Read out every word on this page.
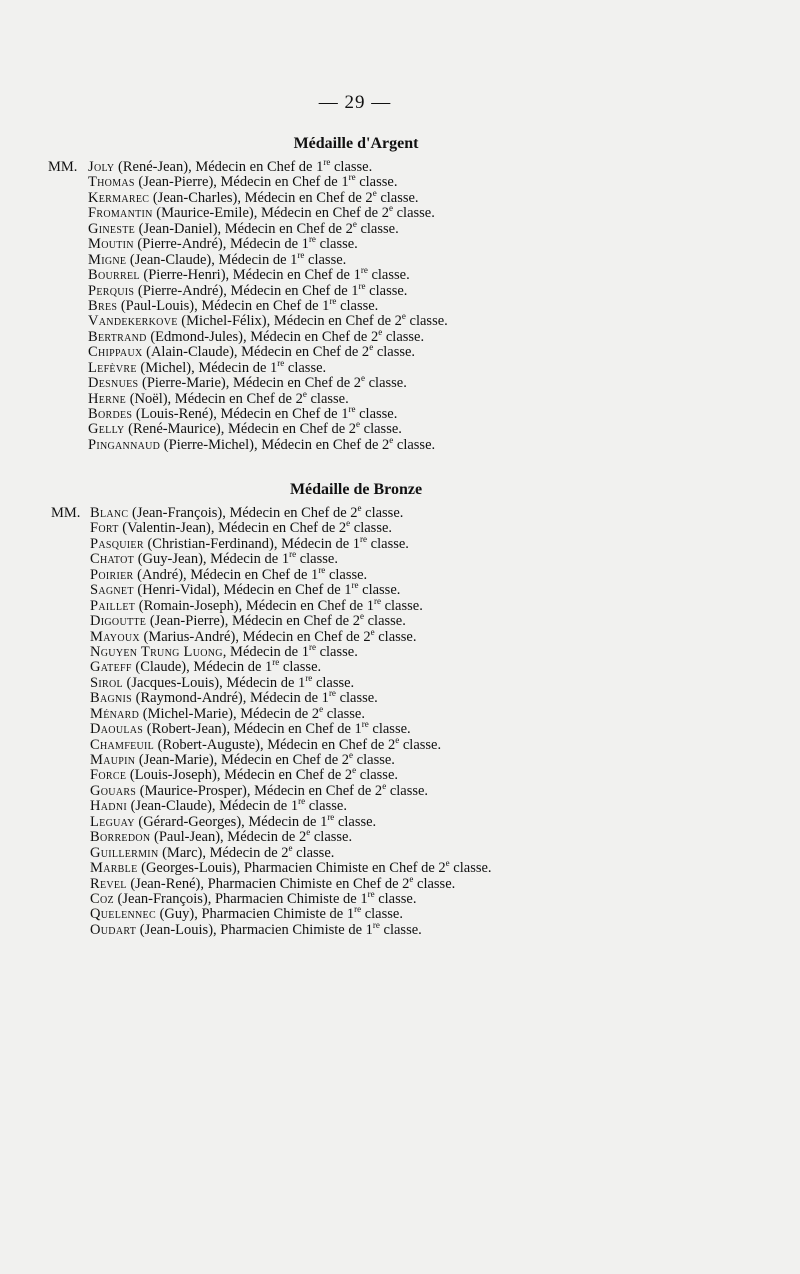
— 29 —
Médaille d'Argent
MM. Joly (René-Jean), Médecin en Chef de 1re classe.
Thomas (Jean-Pierre), Médecin en Chef de 1re classe.
Kermarec (Jean-Charles), Médecin en Chef de 2e classe.
Fromantin (Maurice-Emile), Médecin en Chef de 2e classe.
Gineste (Jean-Daniel), Médecin en Chef de 2e classe.
Moutin (Pierre-André), Médecin de 1re classe.
Migne (Jean-Claude), Médecin de 1re classe.
Bourrel (Pierre-Henri), Médecin en Chef de 1re classe.
Perquis (Pierre-André), Médecin en Chef de 1re classe.
Bres (Paul-Louis), Médecin en Chef de 1re classe.
Vandekerkove (Michel-Félix), Médecin en Chef de 2e classe.
Bertrand (Edmond-Jules), Médecin en Chef de 2e classe.
Chippaux (Alain-Claude), Médecin en Chef de 2e classe.
Lefèvre (Michel), Médecin de 1re classe.
Desnues (Pierre-Marie), Médecin en Chef de 2e classe.
Herne (Noël), Médecin en Chef de 2e classe.
Bordes (Louis-René), Médecin en Chef de 1re classe.
Gelly (René-Maurice), Médecin en Chef de 2e classe.
Pingannaud (Pierre-Michel), Médecin en Chef de 2e classe.
Médaille de Bronze
MM. Blanc (Jean-François), Médecin en Chef de 2e classe.
Fort (Valentin-Jean), Médecin en Chef de 2e classe.
Pasquier (Christian-Ferdinand), Médecin de 1re classe.
Chatot (Guy-Jean), Médecin de 1re classe.
Poirier (André), Médecin en Chef de 1re classe.
Sagnet (Henri-Vidal), Médecin en Chef de 1re classe.
Paillet (Romain-Joseph), Médecin en Chef de 1re classe.
Digoutte (Jean-Pierre), Médecin en Chef de 2e classe.
Mayoux (Marius-André), Médecin en Chef de 2e classe.
Nguyen Trung Luong, Médecin de 1re classe.
Gateff (Claude), Médecin de 1re classe.
Sirol (Jacques-Louis), Médecin de 1re classe.
Bagnis (Raymond-André), Médecin de 1re classe.
Ménard (Michel-Marie), Médecin de 2e classe.
Daoulas (Robert-Jean), Médecin en Chef de 1re classe.
Chamfeuil (Robert-Auguste), Médecin en Chef de 2e classe.
Maupin (Jean-Marie), Médecin en Chef de 2e classe.
Force (Louis-Joseph), Médecin en Chef de 2e classe.
Gouars (Maurice-Prosper), Médecin en Chef de 2e classe.
Hadni (Jean-Claude), Médecin de 1re classe.
Leguay (Gérard-Georges), Médecin de 1re classe.
Borredon (Paul-Jean), Médecin de 2e classe.
Guillermin (Marc), Médecin de 2e classe.
Marble (Georges-Louis), Pharmacien Chimiste en Chef de 2e classe.
Revel (Jean-René), Pharmacien Chimiste en Chef de 2e classe.
Coz (Jean-François), Pharmacien Chimiste de 1re classe.
Quelennec (Guy), Pharmacien Chimiste de 1re classe.
Oudart (Jean-Louis), Pharmacien Chimiste de 1re classe.
